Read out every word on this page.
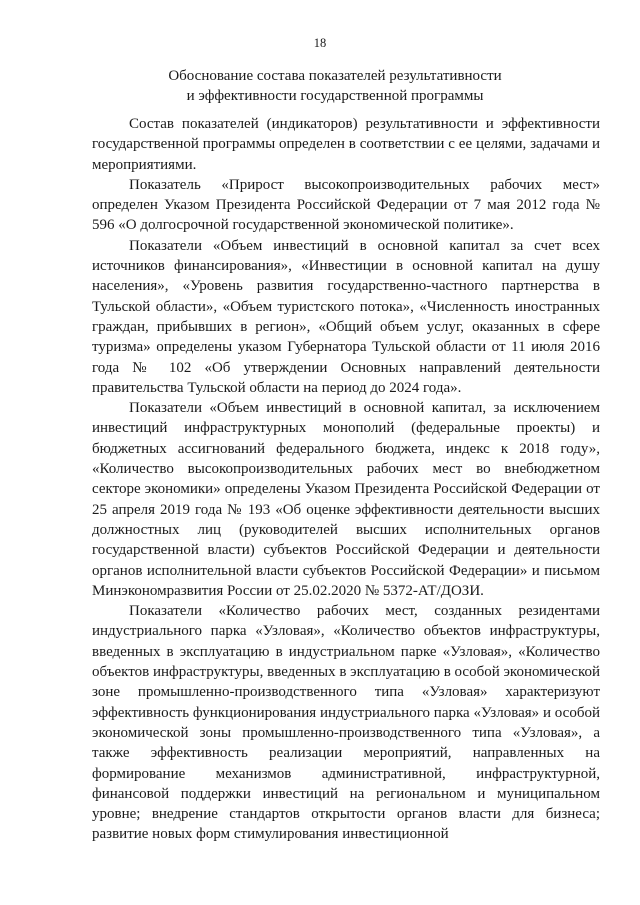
18
Обоснование состава показателей результативности
и эффективности государственной программы

Состав показателей (индикаторов) результативности и эффективности государственной программы определен в соответствии с ее целями, задачами и мероприятиями.

Показатель «Прирост высокопроизводительных рабочих мест» определен Указом Президента Российской Федерации от 7 мая 2012 года № 596 «О долгосрочной государственной экономической политике».

Показатели «Объем инвестиций в основной капитал за счет всех источников финансирования», «Инвестиции в основной капитал на душу населения», «Уровень развития государственно-частного партнерства в Тульской области», «Объем туристского потока», «Численность иностранных граждан, прибывших в регион», «Общий объем услуг, оказанных в сфере туризма» определены указом Губернатора Тульской области от 11 июля 2016 года № 102 «Об утверждении Основных направлений деятельности правительства Тульской области на период до 2024 года».

Показатели «Объем инвестиций в основной капитал, за исключением инвестиций инфраструктурных монополий (федеральные проекты) и бюджетных ассигнований федерального бюджета, индекс к 2018 году», «Количество высокопроизводительных рабочих мест во внебюджетном секторе экономики» определены Указом Президента Российской Федерации от 25 апреля 2019 года № 193 «Об оценке эффективности деятельности высших должностных лиц (руководителей высших исполнительных органов государственной власти) субъектов Российской Федерации и деятельности органов исполнительной власти субъектов Российской Федерации» и письмом Минэкономразвития России от 25.02.2020 № 5372-АТ/ДОЗИ.

Показатели «Количество рабочих мест, созданных резидентами индустриального парка «Узловая», «Количество объектов инфраструктуры, введенных в эксплуатацию в индустриальном парке «Узловая», «Количество объектов инфраструктуры, введенных в эксплуатацию в особой экономической зоне промышленно-производственного типа «Узловая» характеризуют эффективность функционирования индустриального парка «Узловая» и особой экономической зоны промышленно-производственного типа «Узловая», а также эффективность реализации мероприятий, направленных на формирование механизмов административной, инфраструктурной, финансовой поддержки инвестиций на региональном и муниципальном уровне; внедрение стандартов открытости органов власти для бизнеса; развитие новых форм стимулирования инвестиционной
